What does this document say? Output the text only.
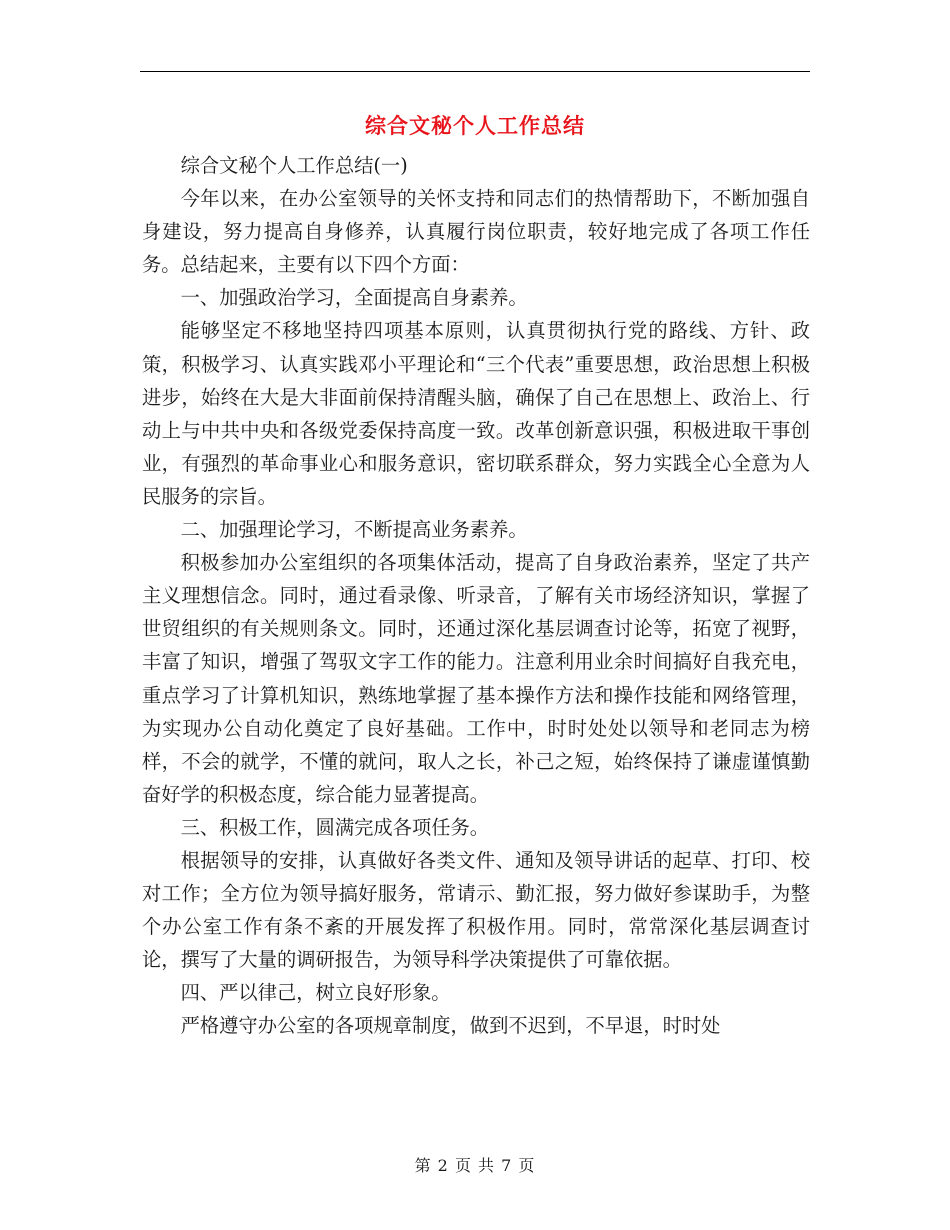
综合文秘个人工作总结

综合文秘个人工作总结(一)

今年以来，在办公室领导的关怀支持和同志们的热情帮助下，不断加强自身建设，努力提高自身修养，认真履行岗位职责，较好地完成了各项工作任务。总结起来，主要有以下四个方面：

一、加强政治学习，全面提高自身素养。

能够坚定不移地坚持四项基本原则，认真贯彻执行党的路线、方针、政策，积极学习、认真实践邓小平理论和“三个代表”重要思想，政治思想上积极进步，始终在大是大非面前保持清醒头脑，确保了自己在思想上、政治上、行动上与中共中央和各级党委保持高度一致。改革创新意识强，积极进取干事创业，有强烈的革命事业心和服务意识，密切联系群众，努力实践全心全意为人民服务的宗旨。

二、加强理论学习，不断提高业务素养。

积极参加办公室组织的各项集体活动，提高了自身政治素养，坚定了共产主义理想信念。同时，通过看录像、听录音，了解有关市场经济知识，掌握了世贸组织的有关规则条文。同时，还通过深化基层调查讨论等，拓宽了视野，丰富了知识，增强了驾驭文字工作的能力。注意利用业余时间搞好自我充电，重点学习了计算机知识，熟练地掌握了基本操作方法和操作技能和网络管理，为实现办公自动化奠定了良好基础。工作中，时时处处以领导和老同志为榜样，不会的就学，不懂的就问，取人之长，补己之短，始终保持了谦虚谨慎勤奋好学的积极态度，综合能力显著提高。

三、积极工作，圆满完成各项任务。

根据领导的安排，认真做好各类文件、通知及领导讲话的起草、打印、校对工作；全方位为领导搞好服务，常请示、勤汇报，努力做好参谋助手，为整个办公室工作有条不紊的开展发挥了积极作用。同时，常常深化基层调查讨论，撰写了大量的调研报告，为领导科学决策提供了可靠依据。

四、严以律己，树立良好形象。

严格遵守办公室的各项规章制度，做到不迟到，不早退，时时处

第 2 页 共 7 页
